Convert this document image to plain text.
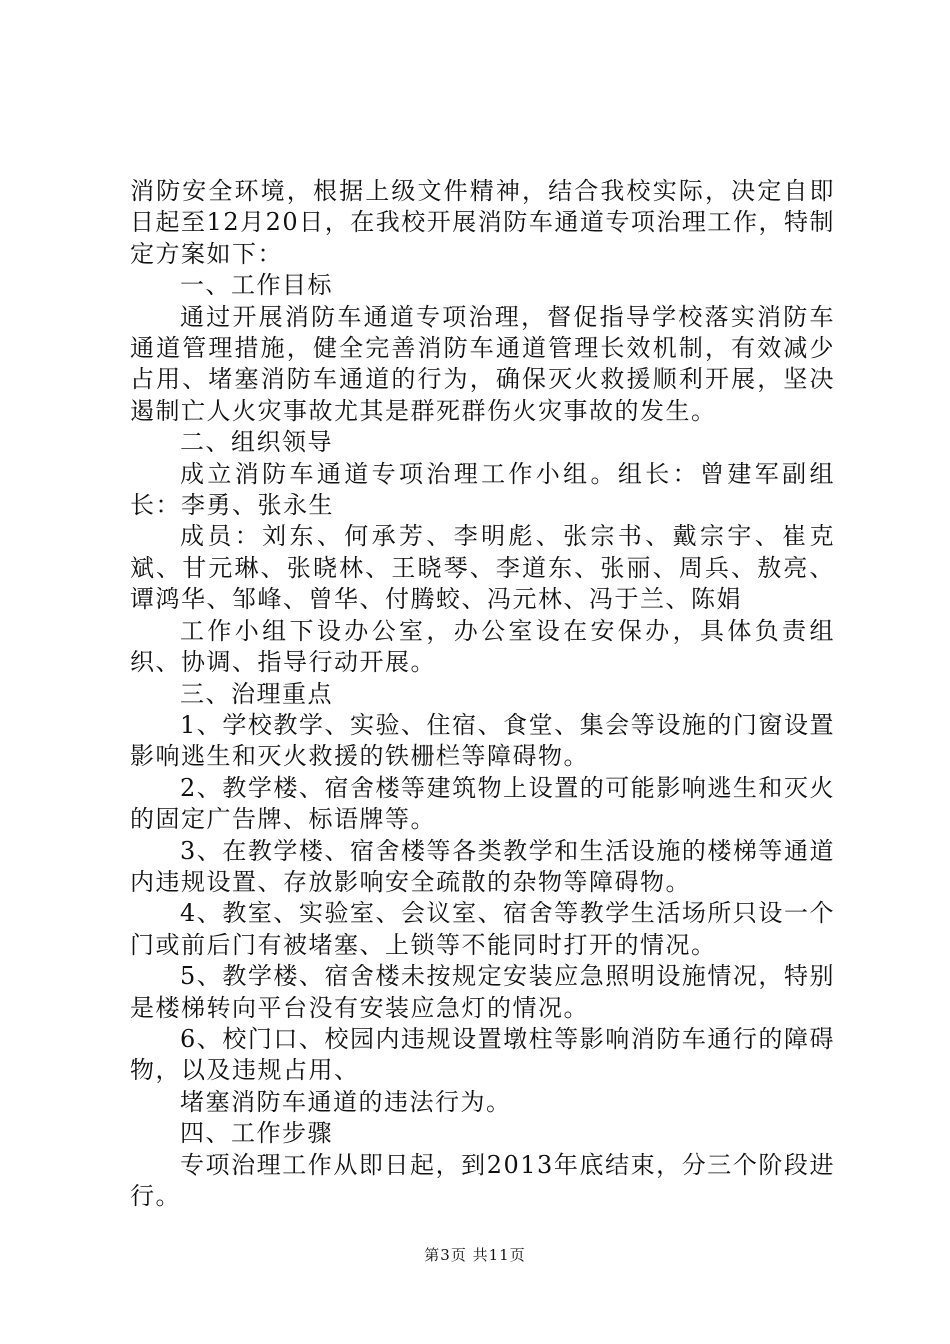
消防安全环境，根据上级文件精神，结合我校实际，决定自即日起至12月20日，在我校开展消防车通道专项治理工作，特制定方案如下：

一、工作目标

通过开展消防车通道专项治理，督促指导学校落实消防车通道管理措施，健全完善消防车通道管理长效机制，有效减少占用、堵塞消防车通道的行为，确保灭火救援顺利开展，坚决遏制亡人火灾事故尤其是群死群伤火灾事故的发生。

二、组织领导

成立消防车通道专项治理工作小组。组长：曾建军副组长：李勇、张永生

成员：刘东、何承芳、李明彪、张宗书、戴宗宇、崔克斌、甘元琳、张晓林、王晓琴、李道东、张丽、周兵、敖亮、谭鸿华、邹峰、曾华、付腾蛟、冯元林、冯于兰、陈娟

工作小组下设办公室，办公室设在安保办，具体负责组织、协调、指导行动开展。

三、治理重点

1、学校教学、实验、住宿、食堂、集会等设施的门窗设置影响逃生和灭火救援的铁栅栏等障碍物。

2、教学楼、宿舍楼等建筑物上设置的可能影响逃生和灭火的固定广告牌、标语牌等。

3、在教学楼、宿舍楼等各类教学和生活设施的楼梯等通道内违规设置、存放影响安全疏散的杂物等障碍物。

4、教室、实验室、会议室、宿舍等教学生活场所只设一个门或前后门有被堵塞、上锁等不能同时打开的情况。

5、教学楼、宿舍楼未按规定安装应急照明设施情况，特别是楼梯转向平台没有安装应急灯的情况。

6、校门口、校园内违规设置墩柱等影响消防车通行的障碍物，以及违规占用、

堵塞消防车通道的违法行为。

四、工作步骤

专项治理工作从即日起，到2013年底结束，分三个阶段进行。

第3页 共11页
